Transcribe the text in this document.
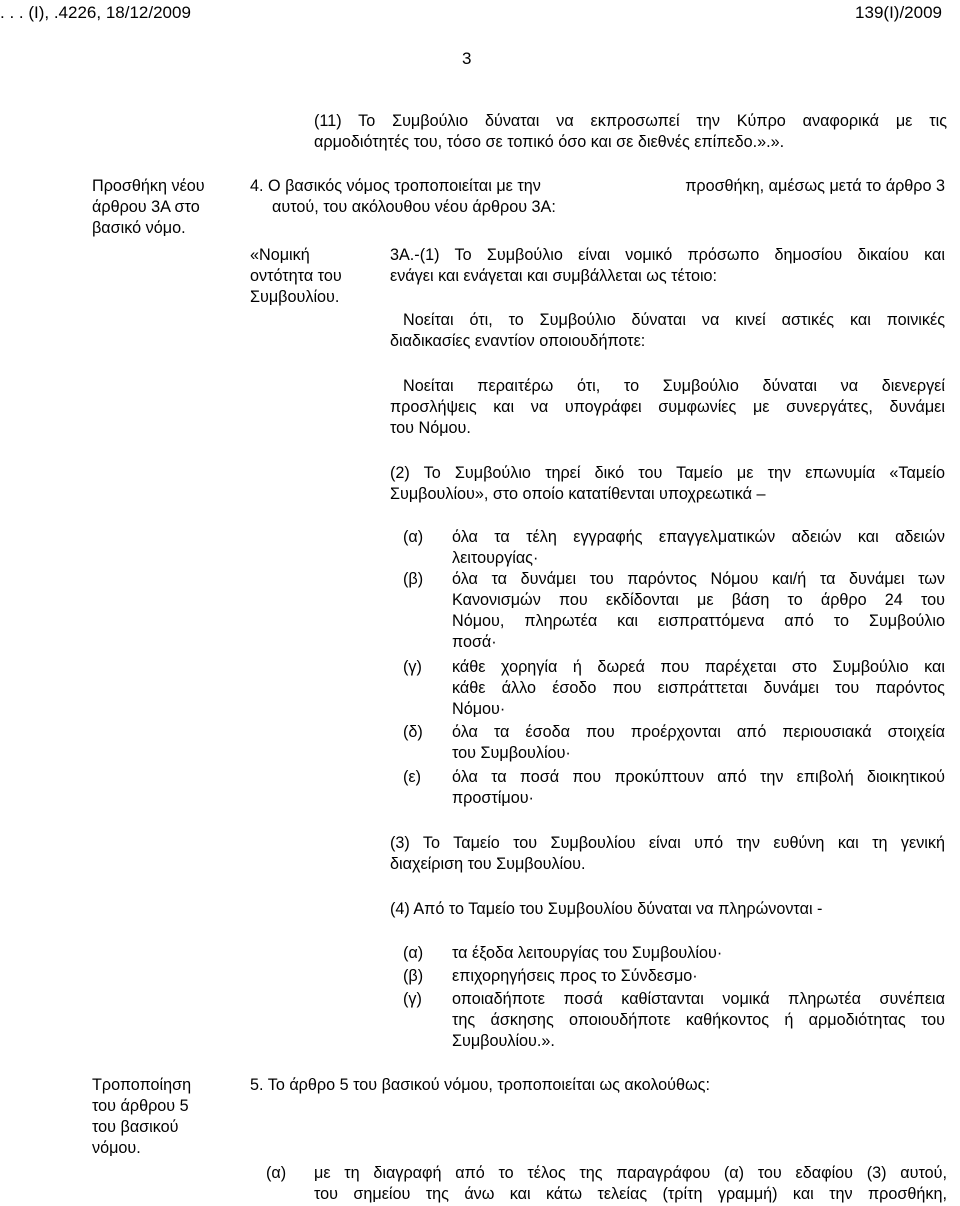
. . . (Ι), .4226, 18/12/2009	139(Ι)/2009
3
(11) Το Συμβούλιο δύναται να εκπροσωπεί την Κύπρο αναφορικά με τις
αρμοδιότητές του, τόσο σε τοπικό όσο και σε διεθνές επίπεδο.».».
Προσθήκη νέου
άρθρου 3Α στο
βασικό νόμο.
4. Ο βασικός νόμος τροποποιείται με την	προσθήκη, αμέσως μετά το άρθρο 3
αυτού, του ακόλουθου νέου άρθρου 3Α:
«Νομική
οντότητα του
Συμβουλίου.
3Α.-(1) Το Συμβούλιο είναι νομικό πρόσωπο δημοσίου δικαίου και
ενάγει και ενάγεται και συμβάλλεται ως τέτοιο:
Νοείται ότι, το Συμβούλιο δύναται να κινεί αστικές και ποινικές
διαδικασίες εναντίον οποιουδήποτε:
Νοείται περαιτέρω ότι, το Συμβούλιο δύναται να διενεργεί
προσλήψεις και να υπογράφει συμφωνίες με συνεργάτες, δυνάμει
του Νόμου.
(2) Το Συμβούλιο τηρεί δικό του Ταμείο με την επωνυμία «Ταμείο
Συμβουλίου», στο οποίο κατατίθενται υποχρεωτικά –
(α) όλα τα τέλη εγγραφής επαγγελματικών αδειών και αδειών
λειτουργίας·
(β) όλα τα δυνάμει του παρόντος Νόμου και/ή τα δυνάμει των
Κανονισμών που εκδίδονται με βάση το άρθρο 24 του
Νόμου, πληρωτέα και εισπραττόμενα από το Συμβούλιο
ποσά·
(γ) κάθε χορηγία ή δωρεά που παρέχεται στο Συμβούλιο και
κάθε άλλο έσοδο που εισπράττεται δυνάμει του παρόντος
Νόμου·
(δ) όλα τα έσοδα που προέρχονται από περιουσιακά στοιχεία
του Συμβουλίου·
(ε) όλα τα ποσά που προκύπτουν από την επιβολή διοικητικού
προστίμου·
(3) Το Ταμείο του Συμβουλίου είναι υπό την ευθύνη και τη γενική
διαχείριση του Συμβουλίου.
(4) Από το Ταμείο του Συμβουλίου δύναται να πληρώνονται -
(α) τα έξοδα λειτουργίας του Συμβουλίου·
(β) επιχορηγήσεις προς το Σύνδεσμο·
(γ) οποιαδήποτε ποσά καθίστανται νομικά πληρωτέα συνέπεια
της άσκησης οποιουδήποτε καθήκοντος ή αρμοδιότητας του
Συμβουλίου.».
Τροποποίηση
του άρθρου 5
του βασικού
νόμου.
5. Το άρθρο 5 του βασικού νόμου, τροποποιείται ως ακολούθως:
(α) με τη διαγραφή από το τέλος της παραγράφου (α) του εδαφίου (3) αυτού,
του σημείου της άνω και κάτω τελείας (τρίτη γραμμή) και την προσθήκη,
